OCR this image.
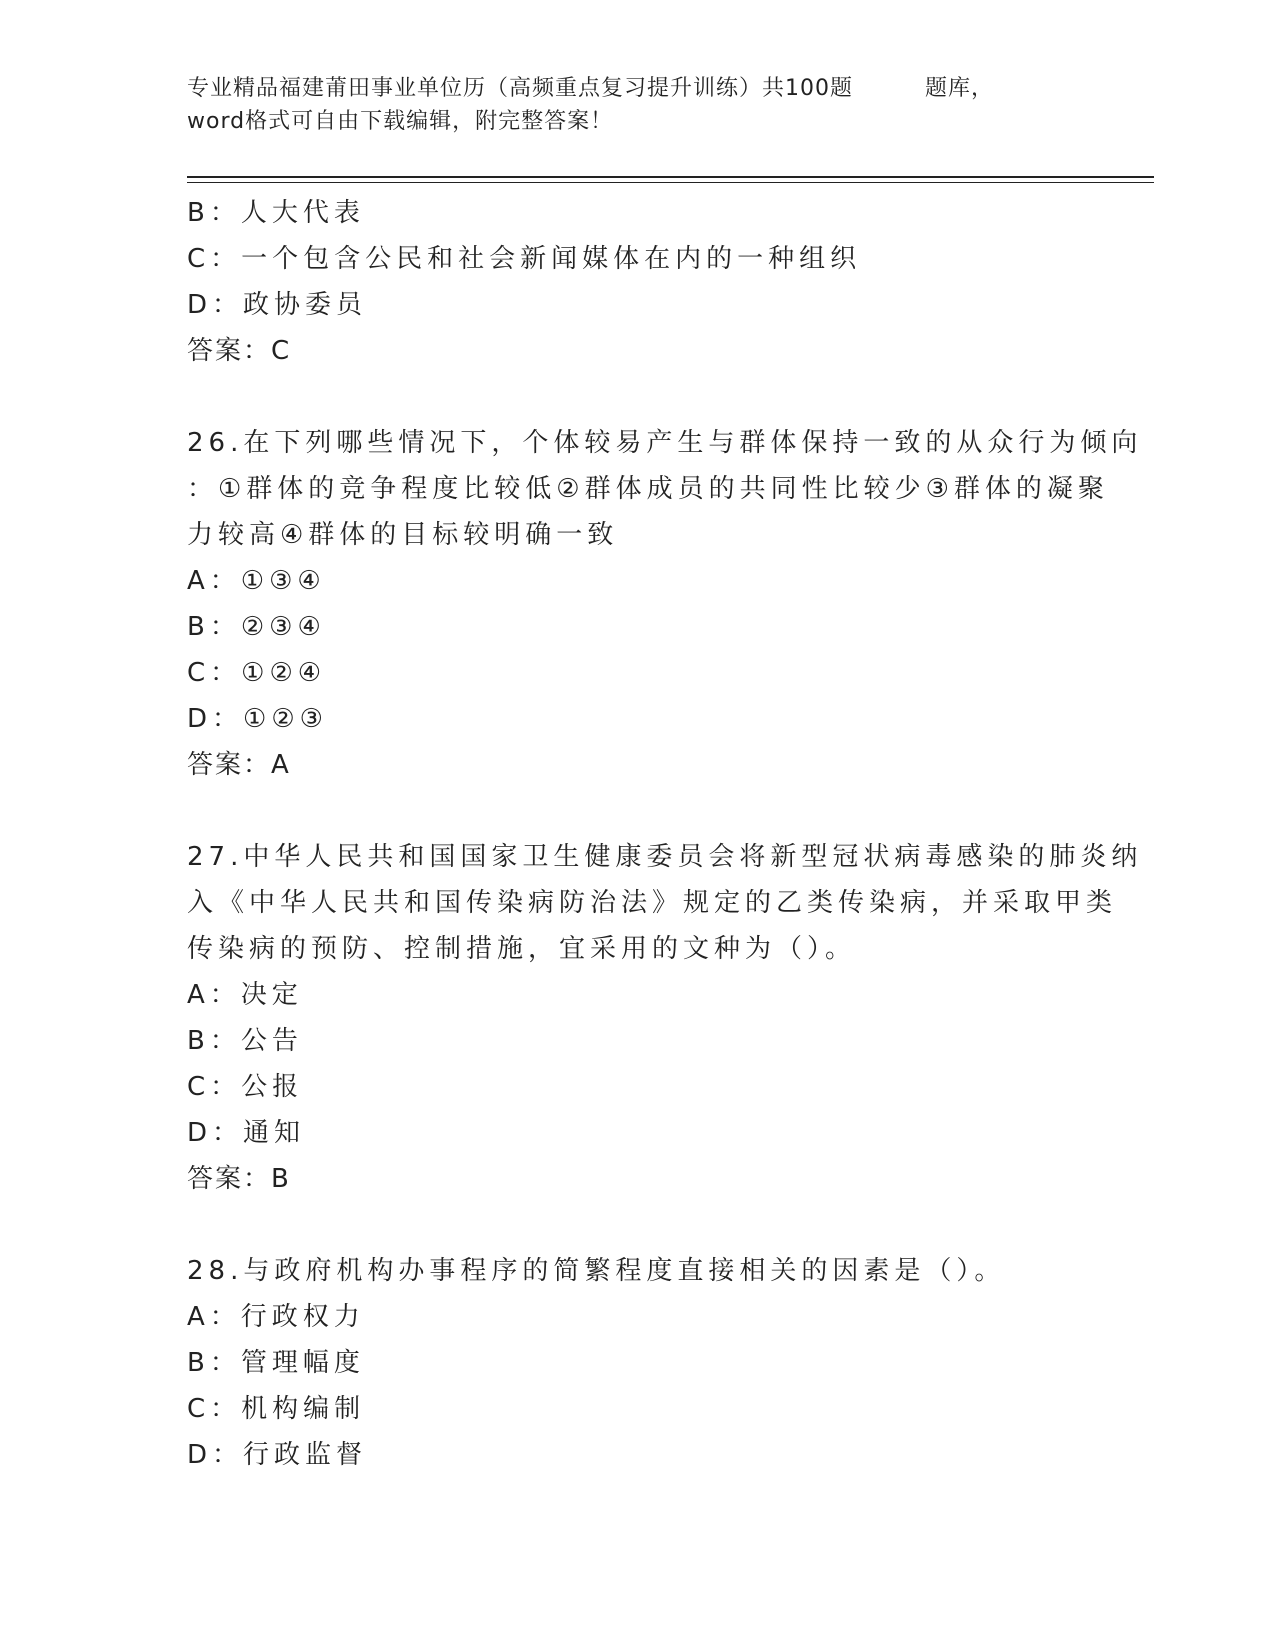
专业精品福建莆田事业单位历（高频重点复习提升训练）共100题	题库，
word格式可自由下载编辑，附完整答案！
B：人大代表
C：一个包含公民和社会新闻媒体在内的一种组织
D：政协委员
答案：C
26.在下列哪些情况下，个体较易产生与群体保持一致的从众行为倾向
：①群体的竞争程度比较低②群体成员的共同性比较少③群体的凝聚
力较高④群体的目标较明确一致
A：①③④
B：②③④
C：①②④
D：①②③
答案：A
27.中华人民共和国国家卫生健康委员会将新型冠状病毒感染的肺炎纳
入《中华人民共和国传染病防治法》规定的乙类传染病，并采取甲类
传染病的预防、控制措施，宜采用的文种为（）。
A：决定
B：公告
C：公报
D：通知
答案：B
28.与政府机构办事程序的简繁程度直接相关的因素是（）。
A：行政权力
B：管理幅度
C：机构编制
D：行政监督
